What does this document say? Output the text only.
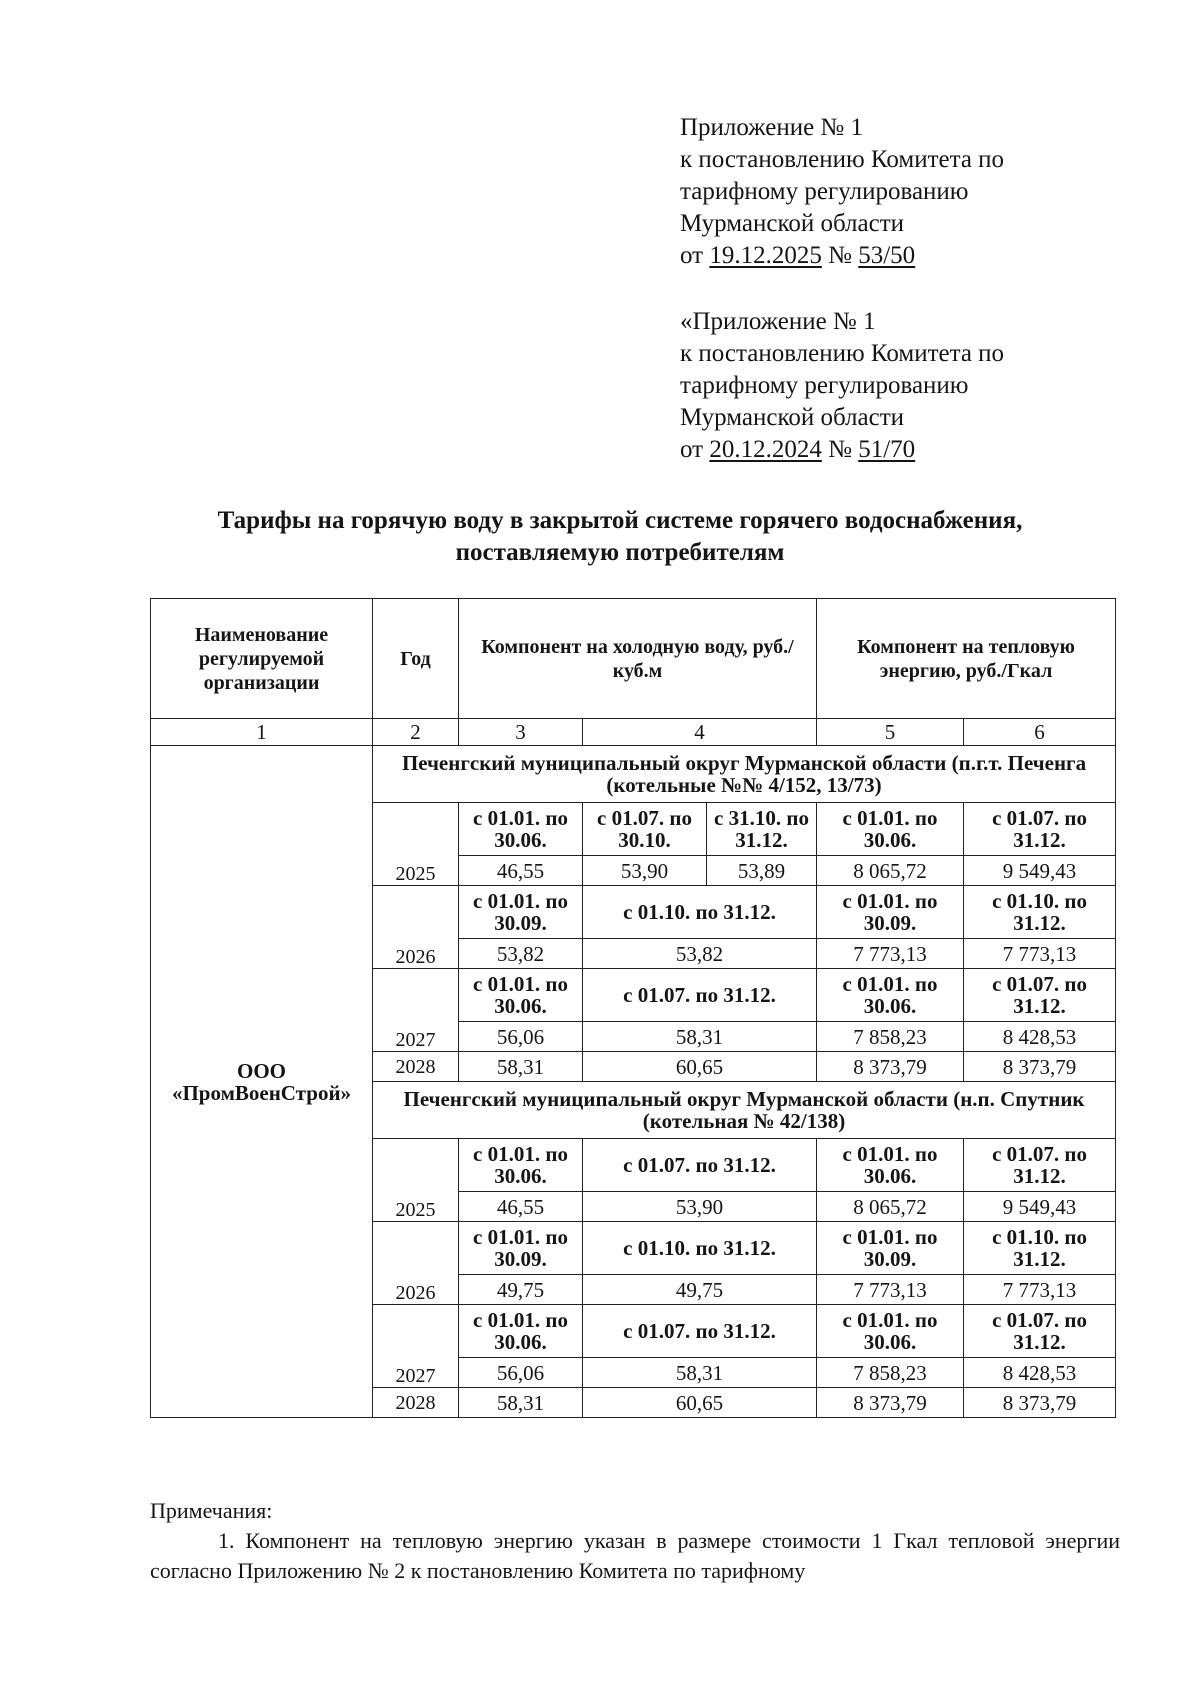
Приложение № 1
к постановлению Комитета по
тарифному регулированию
Мурманской области
от 19.12.2025 № 53/50
«Приложение № 1
к постановлению Комитета по
тарифному регулированию
Мурманской области
от 20.12.2024 № 51/70
Тарифы на горячую воду в закрытой системе горячего водоснабжения,
поставляемую потребителям
Наименование регулируемой организации	Год	Компонент на холодную воду, руб./куб.м			Компонент на тепловую энергию, руб./Гкал	
1	2	3	4		5	6
ООО «ПромВоенСтрой»	Печенгский муниципальный округ Мурманской области (п.г.т. Печенга (котельные №№ 4/152, 13/73)					
	2025	с 01.01. по 30.06.	с 01.07. по 30.10.	с 31.10. по 31.12.	с 01.01. по 30.06.	с 01.07. по 31.12.
		46,55	53,90	53,89	8 065,72	9 549,43
	2026	с 01.01. по 30.09.	с 01.10. по 31.12.		с 01.01. по 30.09.	с 01.10. по 31.12.
		53,82	53,82		7 773,13	7 773,13
	2027	с 01.01. по 30.06.	с 01.07. по 31.12.		с 01.01. по 30.06.	с 01.07. по 31.12.
		56,06	58,31		7 858,23	8 428,53
	2028	58,31	60,65		8 373,79	8 373,79
	Печенгский муниципальный округ Мурманской области (н.п. Спутник (котельная № 42/138)					
	2025	с 01.01. по 30.06.	с 01.07. по 31.12.		с 01.01. по 30.06.	с 01.07. по 31.12.
		46,55	53,90		8 065,72	9 549,43
	2026	с 01.01. по 30.09.	с 01.10. по 31.12.		с 01.01. по 30.09.	с 01.10. по 31.12.
		49,75	49,75		7 773,13	7 773,13
	2027	с 01.01. по 30.06.	с 01.07. по 31.12.		с 01.01. по 30.06.	с 01.07. по 31.12.
		56,06	58,31		7 858,23	8 428,53
	2028	58,31	60,65		8 373,79	8 373,79
Примечания:
1. Компонент на тепловую энергию указан в размере стоимости 1 Гкал тепловой энергии согласно Приложению № 2 к постановлению Комитета по тарифному
